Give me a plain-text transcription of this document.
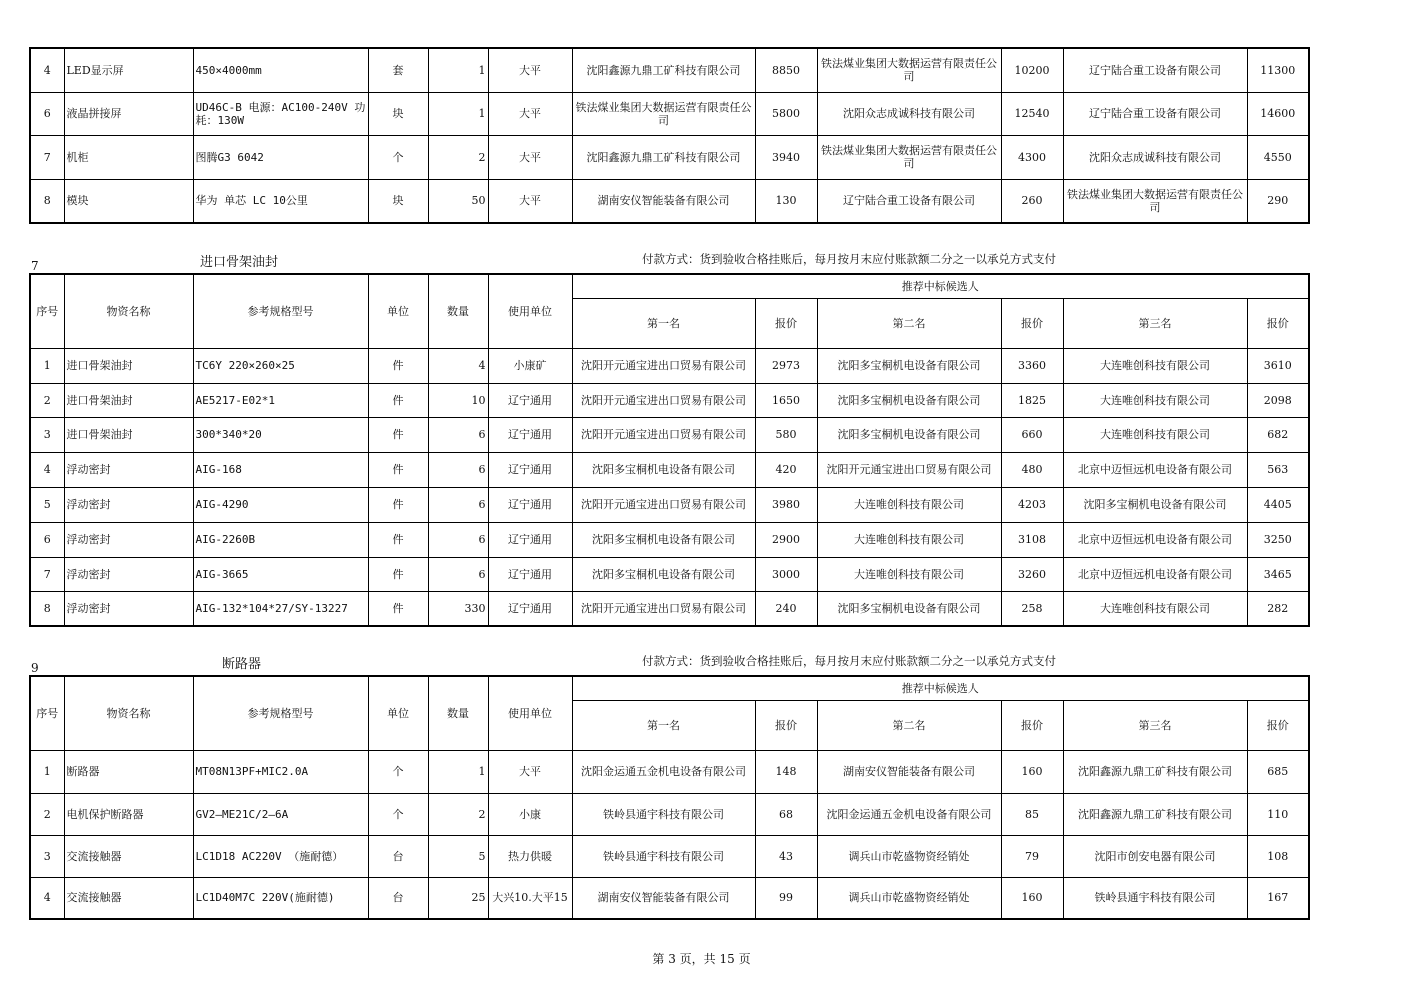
4	LED显示屏	450×4000mm	套	1	大平	沈阳鑫源九鼎工矿科技有限公司	8850	铁法煤业集团大数据运营有限责任公司	10200	辽宁陆合重工设备有限公司	11300
6	液晶拼接屏	UD46C-B 电源：AC100-240V 功耗：130W	块	1	大平	铁法煤业集团大数据运营有限责任公司	5800	沈阳众志成诚科技有限公司	12540	辽宁陆合重工设备有限公司	14600
7	机柜	图腾G3 6042	个	2	大平	沈阳鑫源九鼎工矿科技有限公司	3940	铁法煤业集团大数据运营有限责任公司	4300	沈阳众志成诚科技有限公司	4550
8	模块	华为 单芯 LC 10公里	块	50	大平	湖南安仪智能装备有限公司	130	辽宁陆合重工设备有限公司	260	铁法煤业集团大数据运营有限责任公司	290
7	进口骨架油封	付款方式：货到验收合格挂账后，每月按月末应付账款额二分之一以承兑方式支付
序号	物资名称	参考规格型号	单位	数量	使用单位	推荐中标候选人					
						第一名	报价	第二名	报价	第三名	报价
1	进口骨架油封	TC6Y 220×260×25	件	4	小康矿	沈阳开元通宝进出口贸易有限公司	2973	沈阳多宝桐机电设备有限公司	3360	大连唯创科技有限公司	3610
2	进口骨架油封	AE5217-E02*1	件	10	辽宁通用	沈阳开元通宝进出口贸易有限公司	1650	沈阳多宝桐机电设备有限公司	1825	大连唯创科技有限公司	2098
3	进口骨架油封	300*340*20	件	6	辽宁通用	沈阳开元通宝进出口贸易有限公司	580	沈阳多宝桐机电设备有限公司	660	大连唯创科技有限公司	682
4	浮动密封	AIG-168	件	6	辽宁通用	沈阳多宝桐机电设备有限公司	420	沈阳开元通宝进出口贸易有限公司	480	北京中迈恒远机电设备有限公司	563
5	浮动密封	AIG-4290	件	6	辽宁通用	沈阳开元通宝进出口贸易有限公司	3980	大连唯创科技有限公司	4203	沈阳多宝桐机电设备有限公司	4405
6	浮动密封	AIG-2260B	件	6	辽宁通用	沈阳多宝桐机电设备有限公司	2900	大连唯创科技有限公司	3108	北京中迈恒远机电设备有限公司	3250
7	浮动密封	AIG-3665	件	6	辽宁通用	沈阳多宝桐机电设备有限公司	3000	大连唯创科技有限公司	3260	北京中迈恒远机电设备有限公司	3465
8	浮动密封	AIG-132*104*27/SY-13227	件	330	辽宁通用	沈阳开元通宝进出口贸易有限公司	240	沈阳多宝桐机电设备有限公司	258	大连唯创科技有限公司	282
9	断路器	付款方式：货到验收合格挂账后，每月按月末应付账款额二分之一以承兑方式支付
序号	物资名称	参考规格型号	单位	数量	使用单位	推荐中标候选人					
						第一名	报价	第二名	报价	第三名	报价
1	断路器	MT08N13PF+MIC2.0A	个	1	大平	沈阳金运通五金机电设备有限公司	148	湖南安仪智能装备有限公司	160	沈阳鑫源九鼎工矿科技有限公司	685
2	电机保护断路器	GV2—ME21C/2—6A	个	2	小康	铁岭县通宇科技有限公司	68	沈阳金运通五金机电设备有限公司	85	沈阳鑫源九鼎工矿科技有限公司	110
3	交流接触器	LC1D18 AC220V （施耐德）	台	5	热力供暖	铁岭县通宇科技有限公司	43	调兵山市乾盛物资经销处	79	沈阳市创安电器有限公司	108
4	交流接触器	LC1D40M7C 220V(施耐德)	台	25	大兴10.大平15	湖南安仪智能装备有限公司	99	调兵山市乾盛物资经销处	160	铁岭县通宇科技有限公司	167
第 3 页，共 15 页
